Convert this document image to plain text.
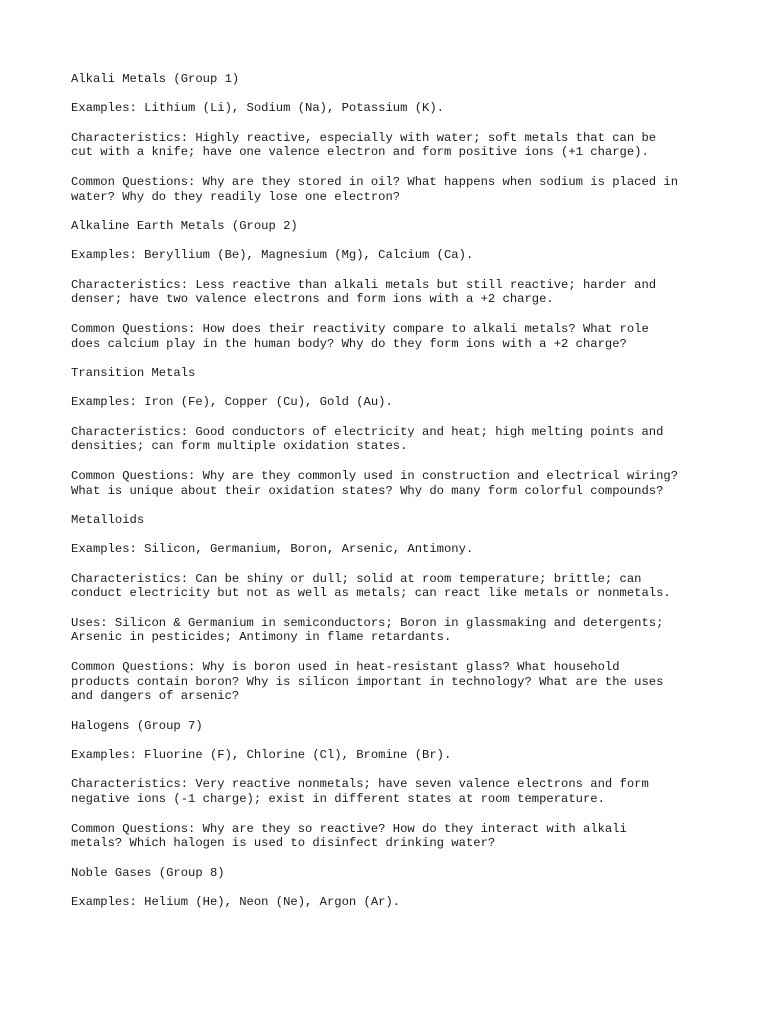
Alkali Metals (Group 1)

Examples: Lithium (Li), Sodium (Na), Potassium (K).

Characteristics: Highly reactive, especially with water; soft metals that can be
cut with a knife; have one valence electron and form positive ions (+1 charge).

Common Questions: Why are they stored in oil? What happens when sodium is placed in
water? Why do they readily lose one electron?

Alkaline Earth Metals (Group 2)

Examples: Beryllium (Be), Magnesium (Mg), Calcium (Ca).

Characteristics: Less reactive than alkali metals but still reactive; harder and
denser; have two valence electrons and form ions with a +2 charge.

Common Questions: How does their reactivity compare to alkali metals? What role
does calcium play in the human body? Why do they form ions with a +2 charge?

Transition Metals

Examples: Iron (Fe), Copper (Cu), Gold (Au).

Characteristics: Good conductors of electricity and heat; high melting points and
densities; can form multiple oxidation states.

Common Questions: Why are they commonly used in construction and electrical wiring?
What is unique about their oxidation states? Why do many form colorful compounds?

Metalloids

Examples: Silicon, Germanium, Boron, Arsenic, Antimony.

Characteristics: Can be shiny or dull; solid at room temperature; brittle; can
conduct electricity but not as well as metals; can react like metals or nonmetals.

Uses: Silicon & Germanium in semiconductors; Boron in glassmaking and detergents;
Arsenic in pesticides; Antimony in flame retardants.

Common Questions: Why is boron used in heat-resistant glass? What household
products contain boron? Why is silicon important in technology? What are the uses
and dangers of arsenic?

Halogens (Group 7)

Examples: Fluorine (F), Chlorine (Cl), Bromine (Br).

Characteristics: Very reactive nonmetals; have seven valence electrons and form
negative ions (-1 charge); exist in different states at room temperature.

Common Questions: Why are they so reactive? How do they interact with alkali
metals? Which halogen is used to disinfect drinking water?

Noble Gases (Group 8)

Examples: Helium (He), Neon (Ne), Argon (Ar).
